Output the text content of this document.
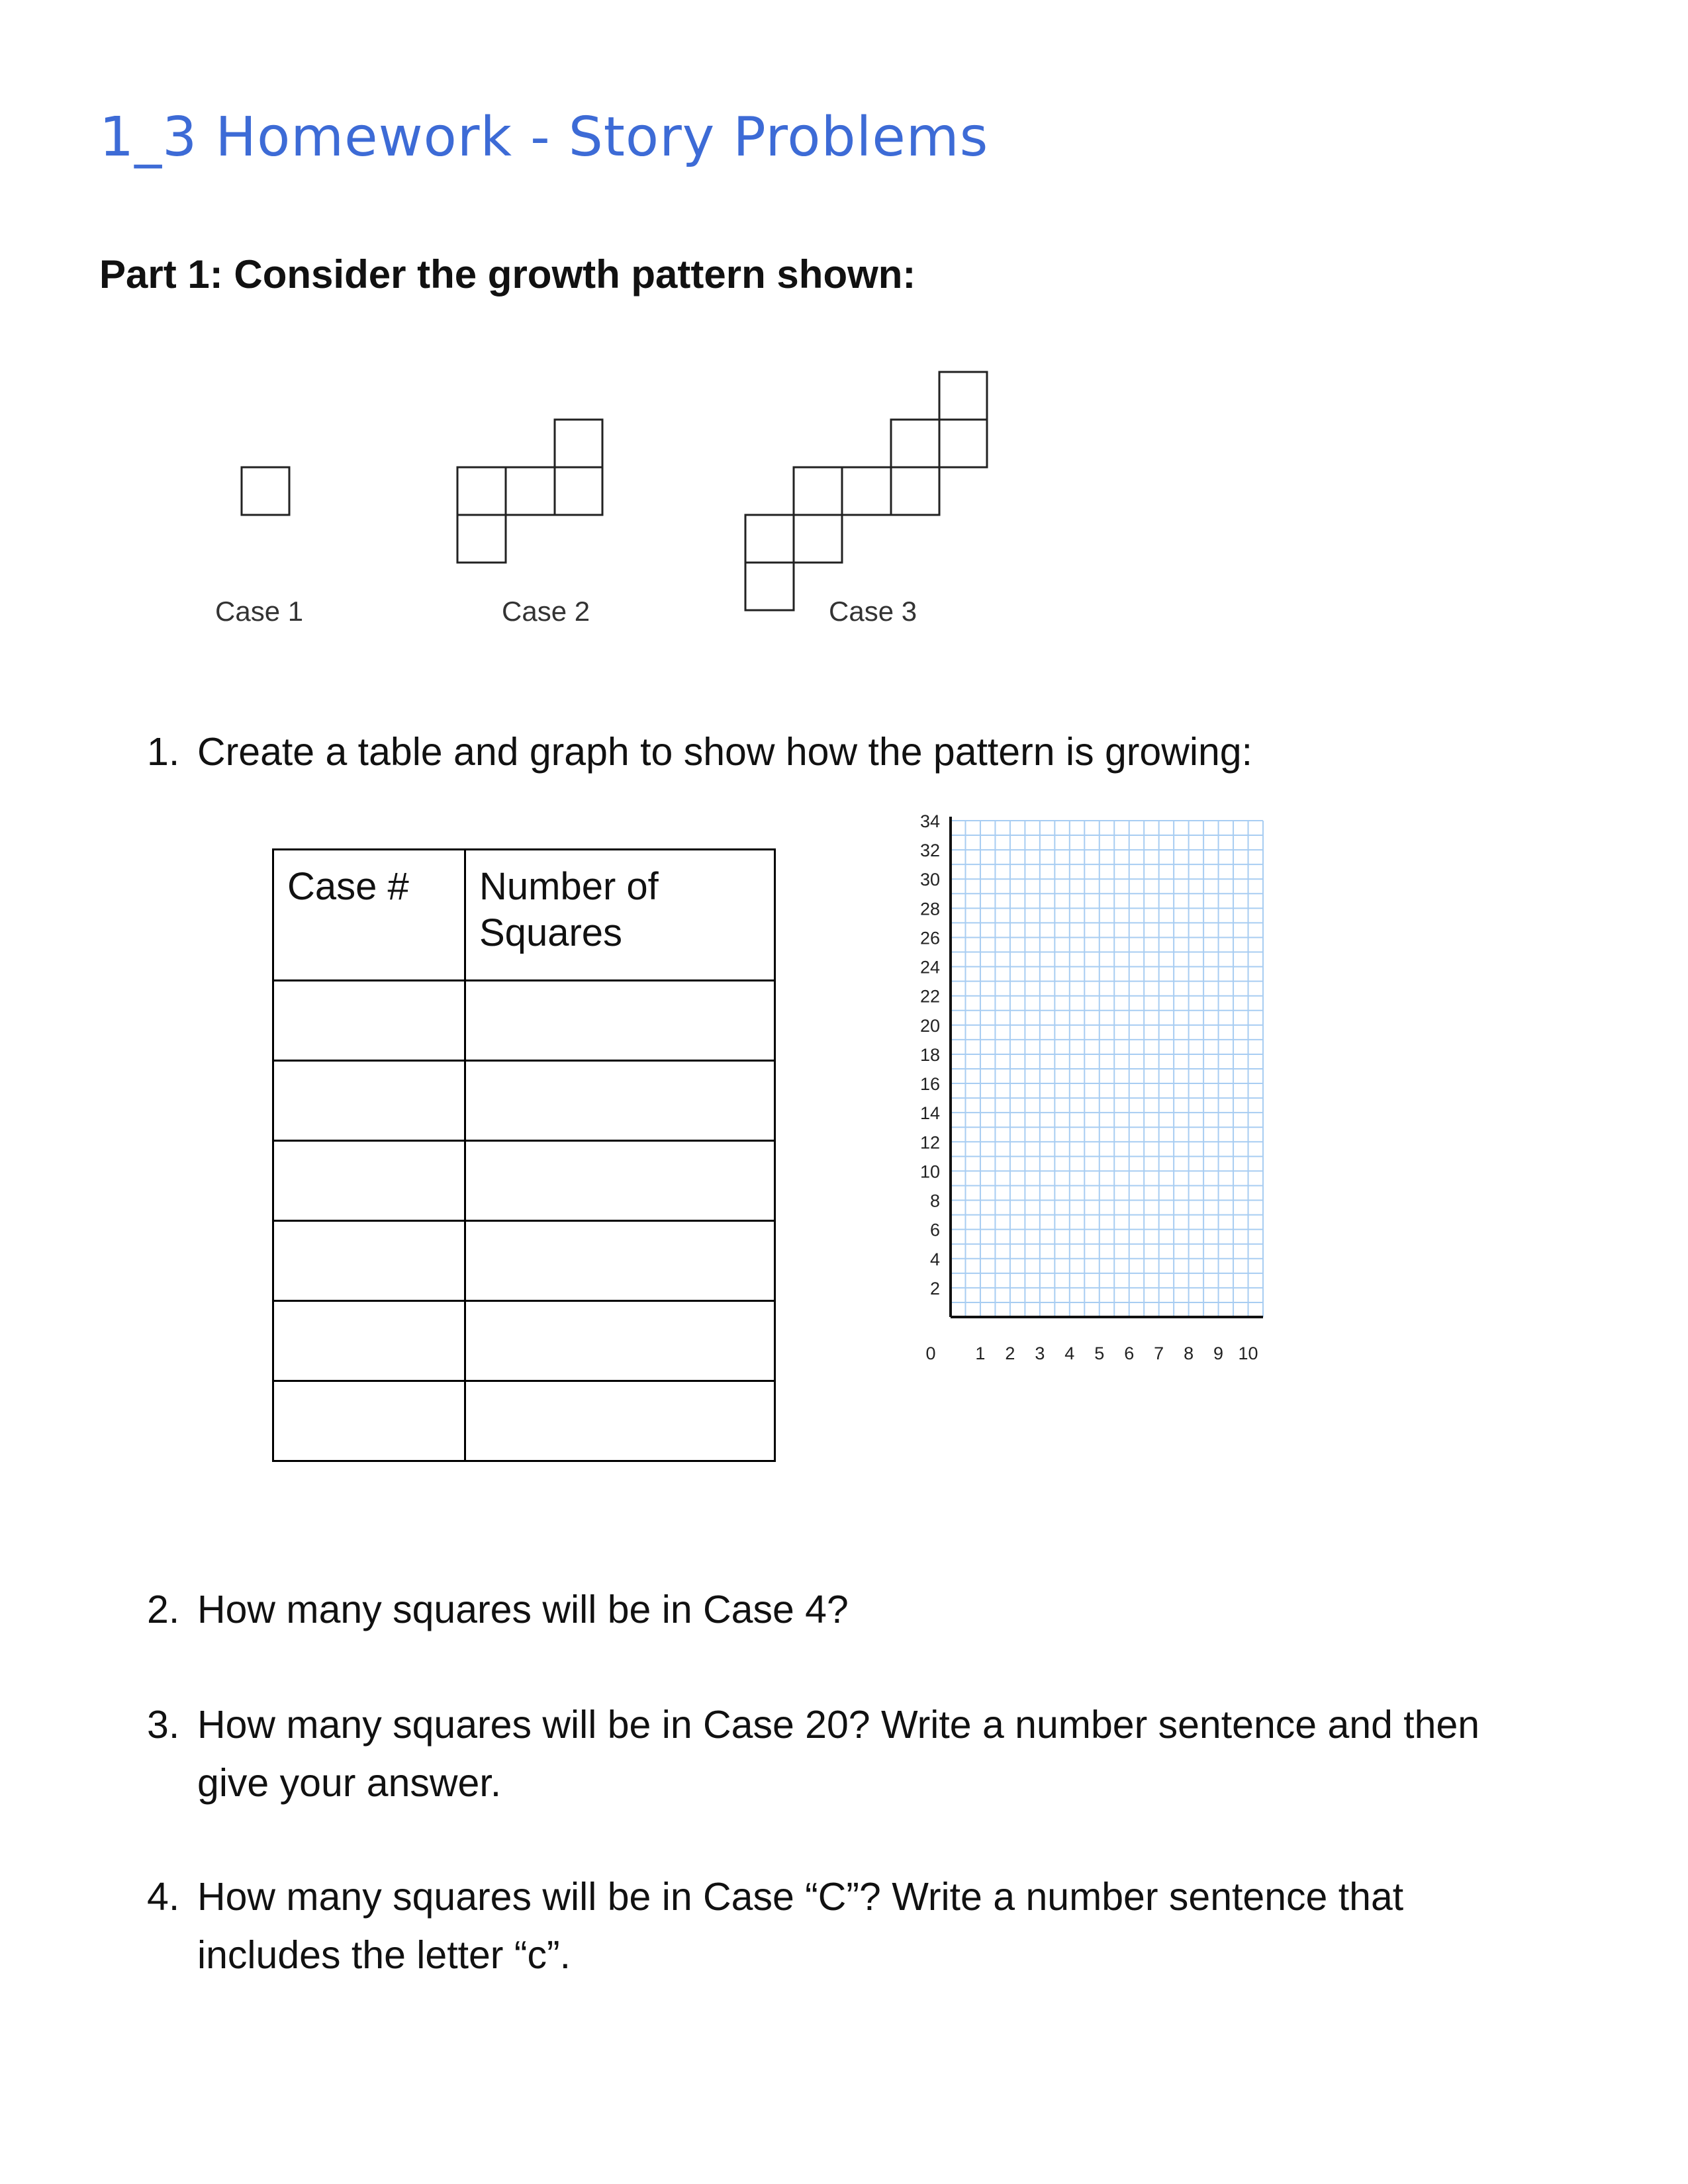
1_3 Homework - Story Problems
Part 1: Consider the growth pattern shown:
Case 1	Case 2	Case 3
1. Create a table and graph to show how the pattern is growing:
Case #	Number of
Squares

2
4
6
8
10
12
14
16
18
20
22
24
26
28
30
32
34
1 2 3 4 5 6 7 8 9 10
0
2. How many squares will be in Case 4?
3. How many squares will be in Case 20? Write a number sentence and then
give your answer.
4. How many squares will be in Case “C”? Write a number sentence that
includes the letter “c”.
